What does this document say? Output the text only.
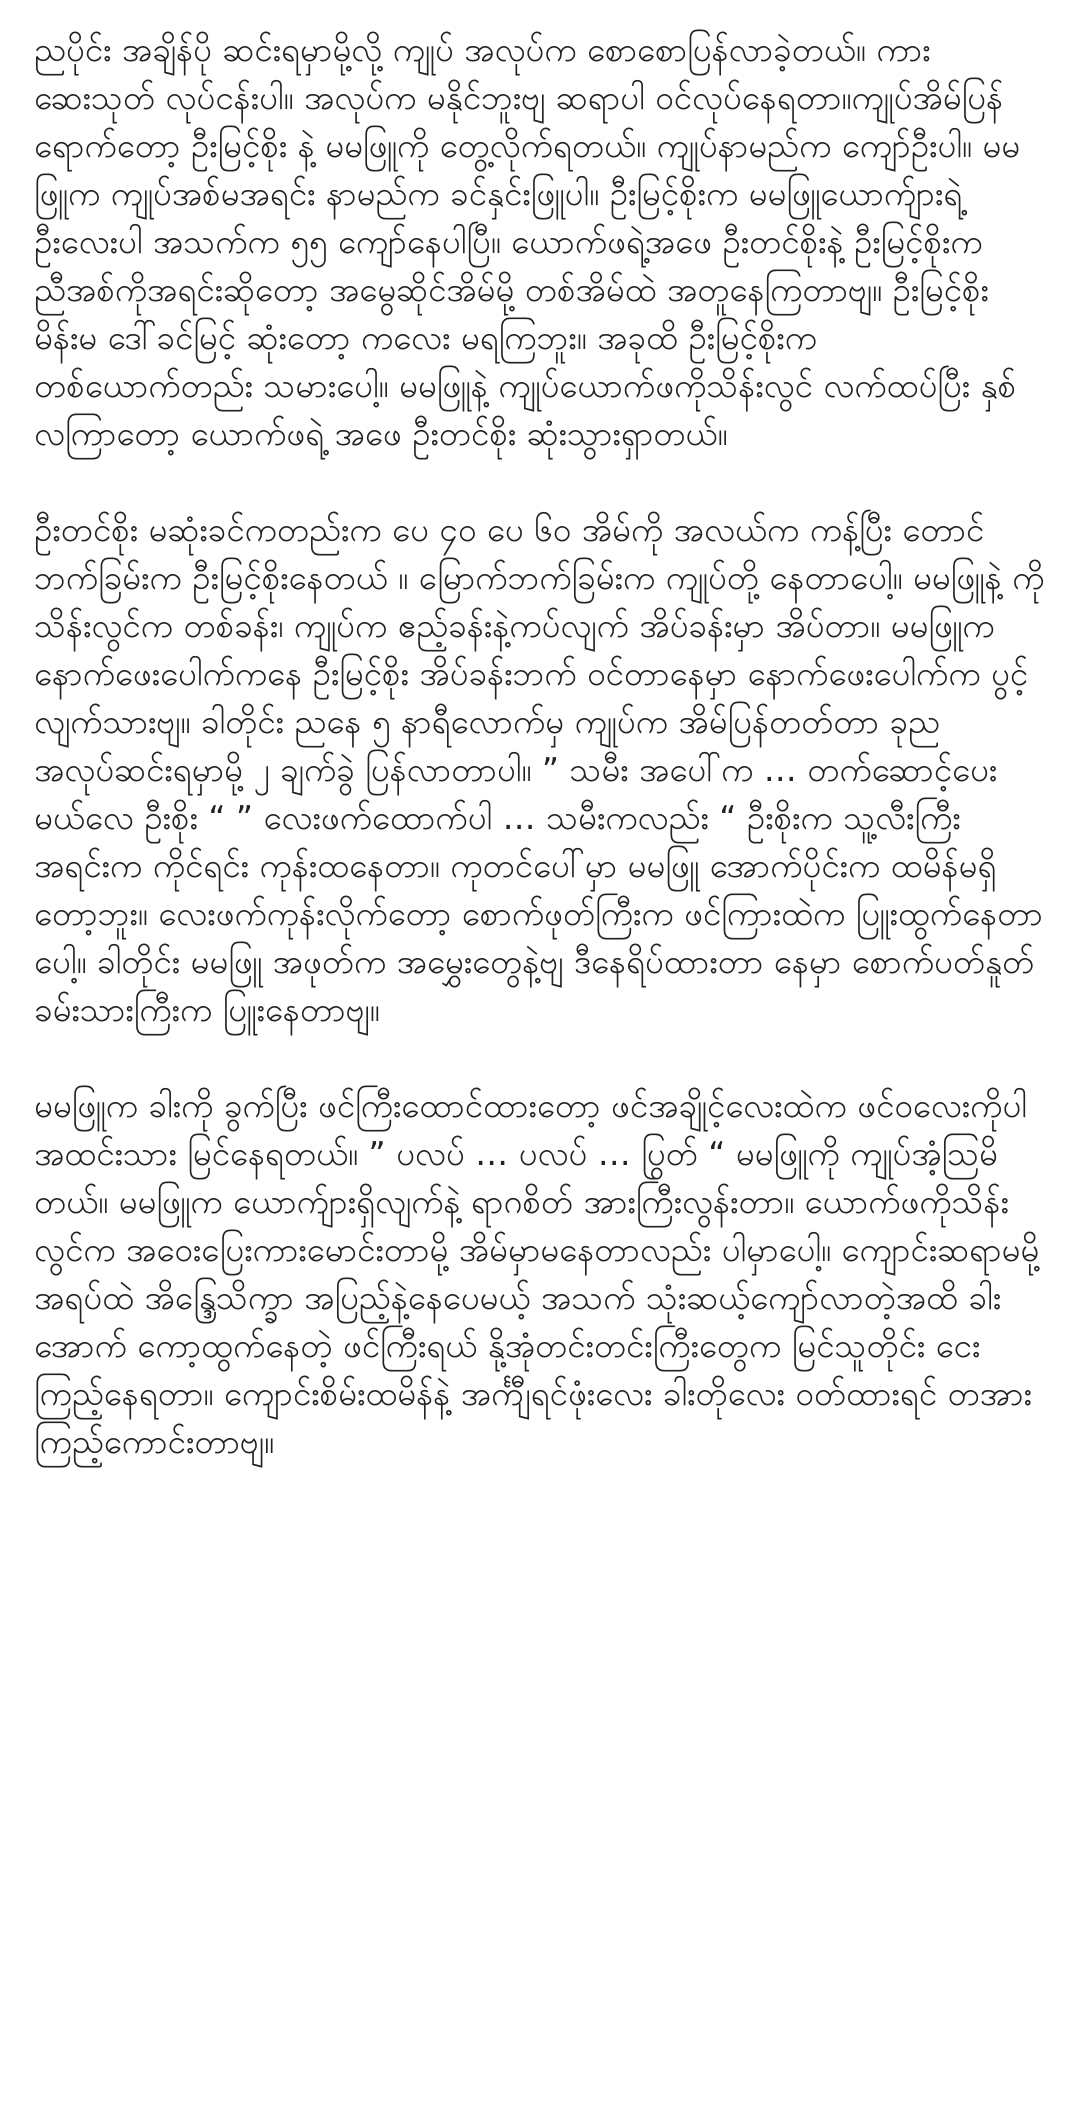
ညပိုင်း အချိန်ပို ဆင်းရမှာမို့လို့ ကျုပ် အလုပ်က စောစောပြန်လာခဲ့တယ်။ ကားဆေးသုတ် လုပ်ငန်းပါ။ အလုပ်က မနိုင်ဘူးဗျ ဆရာပါ ဝင်လုပ်နေရတာ။ကျုပ်အိမ်ပြန်ရောက်တော့ ဦးမြင့်စိုး နဲ့ မမဖြူကို တွေ့လိုက်ရတယ်။ ကျုပ်နာမည်က ကျော်ဦးပါ။ မမဖြူက ကျုပ်အစ်မအရင်း နာမည်က ခင်နှင်းဖြူပါ။ ဦးမြင့်စိုးက မမဖြူယောက်ျားရဲ့ဦးလေးပါ အသက်က ၅၅ ကျော်နေပါပြီ။ ယောက်ဖရဲ့အဖေ ဦးတင်စိုးနဲ့ ဦးမြင့်စိုးက ညီအစ်ကိုအရင်းဆိုတော့ အမွေဆိုင်အိမ်မို့ တစ်အိမ်ထဲ အတူနေကြတာဗျ။ ဦးမြင့်စိုးမိန်းမ ဒေါ်ခင်မြင့် ဆုံးတော့ ကလေး မရကြဘူး။ အခုထိ ဦးမြင့်စိုးက တစ်ယောက်တည်း သမားပေါ့။ မမဖြူနဲ့ ကျုပ်ယောက်ဖကိုသိန်းလွင် လက်ထပ်ပြီး နှစ်လကြာတော့ ယောက်ဖရဲ့ အဖေ ဦးတင်စိုး ဆုံးသွားရှာတယ်။

ဦးတင်စိုး မဆုံးခင်ကတည်းက ပေ ၄၀ ပေ ၆၀ အိမ်ကို အလယ်က ကန့်ပြီး တောင်ဘက်ခြမ်းက ဦးမြင့်စိုးနေတယ် ။ မြောက်ဘက်ခြမ်းက ကျုပ်တို့ နေတာပေါ့။ မမဖြူနဲ့ ကိုသိန်းလွင်က တစ်ခန်း၊ ကျုပ်က ဧည့်ခန်းနဲ့ကပ်လျက် အိပ်ခန်းမှာ အိပ်တာ။ မမဖြူက နောက်ဖေးပေါက်ကနေ ဦးမြင့်စိုး အိပ်ခန်းဘက် ဝင်တာနေမှာ နောက်ဖေးပေါက်က ပွင့်လျက်သားဗျ။ ခါတိုင်း ညနေ ၅ နာရီလောက်မှ ကျုပ်က အိမ်ပြန်တတ်တာ ခုည အလုပ်ဆင်းရမှာမို့ ၂ ချက်ခွဲ ပြန်လာတာပါ။ ” သမီး အပေါ်က … တက်ဆောင့်ပေးမယ်လေ ဦးစိုး “ ” လေးဖက်ထောက်ပါ … သမီးကလည်း “ ဦးစိုးက သူ့လီးကြီး အရင်းက ကိုင်ရင်း ကုန်းထနေတာ။ ကုတင်ပေါ်မှာ မမဖြူ အောက်ပိုင်းက ထမိန်မရှိတော့ဘူး။ လေးဖက်ကုန်းလိုက်တော့ စောက်ဖုတ်ကြီးက ဖင်ကြားထဲက ပြူးထွက်နေတာပေါ့။ ခါတိုင်း မမဖြူ အဖုတ်က အမွှေးတွေနဲ့ဗျ ဒီနေရိပ်ထားတာ နေမှာ စောက်ပတ်နူတ်ခမ်းသားကြီးက ပြူးနေတာဗျ။

မမဖြူက ခါးကို ခွက်ပြီး ဖင်ကြီးထောင်ထားတော့ ဖင်အချိုင့်လေးထဲက ဖင်ဝလေးကိုပါ အထင်းသား မြင်နေရတယ်။ ” ပလပ် … ပလပ် … ပြွတ် “ မမဖြူကို ကျုပ်အံ့သြမိတယ်။ မမဖြူက ယောက်ျားရှိလျက်နဲ့ ရာဂစိတ် အားကြီးလွန်းတာ။ ယောက်ဖကိုသိန်းလွင်က အဝေးပြေးကားမောင်းတာမို့ အိမ်မှာမနေတာလည်း ပါမှာပေါ့။ ကျောင်းဆရာမမို့ အရပ်ထဲ အိန္ဒြေသိက္ခာ အပြည့်နဲ့နေပေမယ့် အသက် သုံးဆယ့်ကျော်လာတဲ့အထိ ခါးအောက် ကော့ထွက်နေတဲ့ ဖင်ကြီးရယ် နို့အုံတင်းတင်းကြီးတွေက မြင်သူတိုင်း ငေးကြည့်နေရတာ။ ကျောင်းစိမ်းထမိန်နဲ့ အင်္ကျီရင်ဖုံးလေး ခါးတိုလေး ဝတ်ထားရင် တအားကြည့်ကောင်းတာဗျ။
